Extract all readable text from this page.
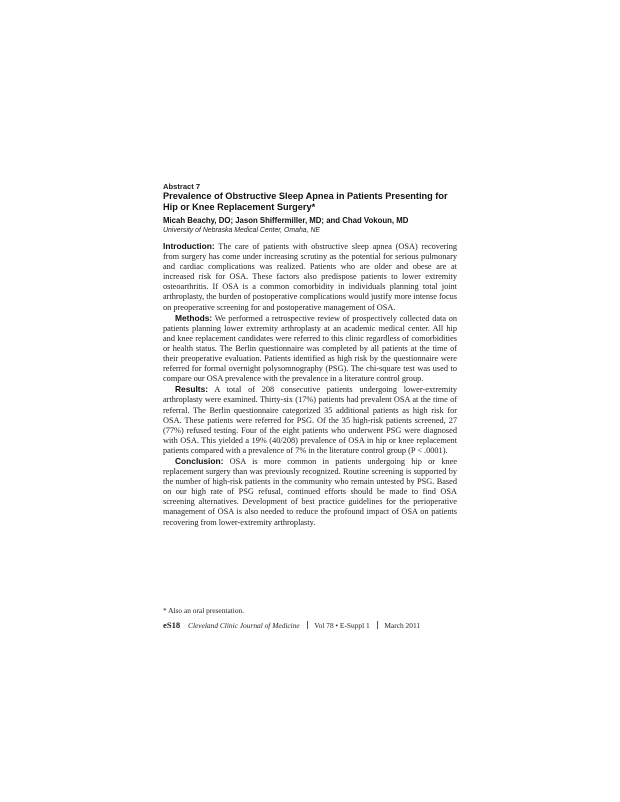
Abstract 7
Prevalence of Obstructive Sleep Apnea in Patients Presenting for Hip or Knee Replacement Surgery*
Micah Beachy, DO; Jason Shiffermiller, MD; and Chad Vokoun, MD
University of Nebraska Medical Center, Omaha, NE

Introduction: The care of patients with obstructive sleep apnea (OSA) recovering from surgery has come under increasing scrutiny as the potential for serious pulmonary and cardiac complications was realized. Patients who are older and obese are at increased risk for OSA. These factors also predispose patients to lower extremity osteoarthritis. If OSA is a common comorbidity in individuals planning total joint arthroplasty, the burden of postoperative complications would justify more intense focus on preoperative screening for and postoperative management of OSA.

Methods: We performed a retrospective review of prospectively collected data on patients planning lower extremity arthroplasty at an academic medical center. All hip and knee replacement candidates were referred to this clinic regardless of comorbidities or health status. The Berlin questionnaire was completed by all patients at the time of their preoperative evaluation. Patients identified as high risk by the questionnaire were referred for formal overnight polysomnography (PSG). The chi-square test was used to compare our OSA prevalence with the prevalence in a literature control group.

Results: A total of 208 consecutive patients undergoing lower-extremity arthroplasty were examined. Thirty-six (17%) patients had prevalent OSA at the time of referral. The Berlin questionnaire categorized 35 additional patients as high risk for OSA. These patients were referred for PSG. Of the 35 high-risk patients screened, 27 (77%) refused testing. Four of the eight patients who underwent PSG were diagnosed with OSA. This yielded a 19% (40/208) prevalence of OSA in hip or knee replacement patients compared with a prevalence of 7% in the literature control group (P < .0001).

Conclusion: OSA is more common in patients undergoing hip or knee replacement surgery than was previously recognized. Routine screening is supported by the number of high-risk patients in the community who remain untested by PSG. Based on our high rate of PSG refusal, continued efforts should be made to find OSA screening alternatives. Development of best practice guidelines for the perioperative management of OSA is also needed to reduce the profound impact of OSA on patients recovering from lower-extremity arthroplasty.

* Also an oral presentation.
eS18 Cleveland Clinic Journal of Medicine Vol 78 • E-Suppl 1 March 2011
